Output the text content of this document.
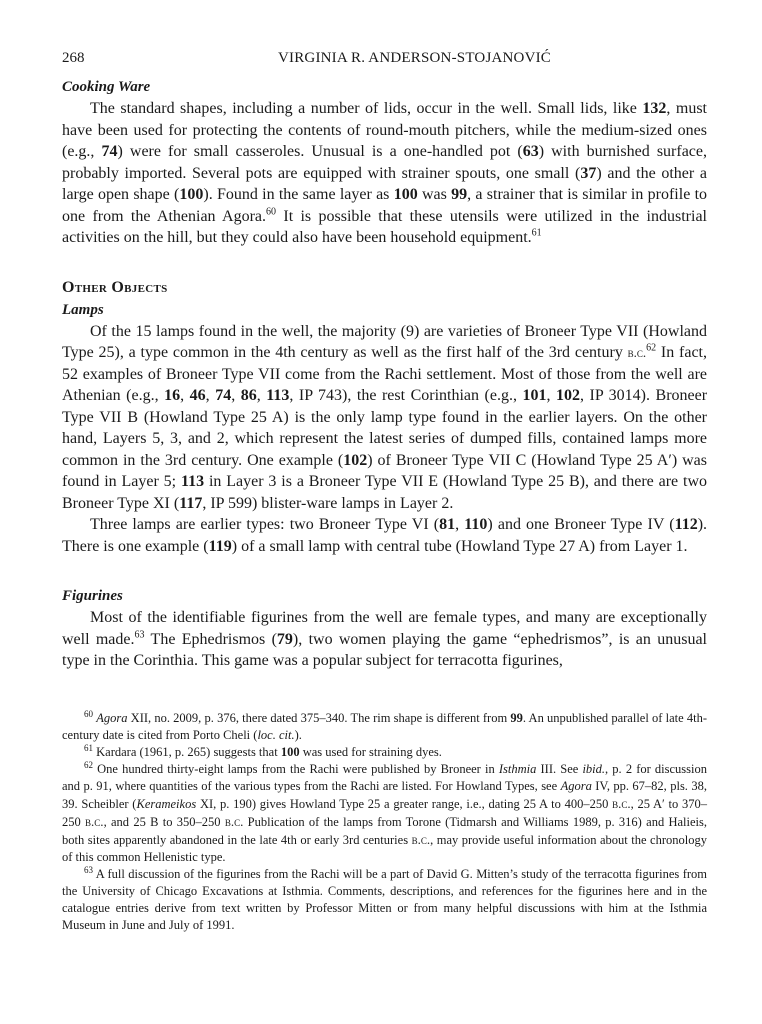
268	VIRGINIA R. ANDERSON-STOJANOVIĆ
Cooking Ware

The standard shapes, including a number of lids, occur in the well. Small lids, like 132, must have been used for protecting the contents of round-mouth pitchers, while the medium-sized ones (e.g., 74) were for small casseroles. Unusual is a one-handled pot (63) with burnished surface, probably imported. Several pots are equipped with strainer spouts, one small (37) and the other a large open shape (100). Found in the same layer as 100 was 99, a strainer that is similar in profile to one from the Athenian Agora.$^{60}$ It is possible that these utensils were utilized in the industrial activities on the hill, but they could also have been household equipment.$^{61}$

Other Objects
Lamps

Of the 15 lamps found in the well, the majority (9) are varieties of Broneer Type VII (Howland Type 25), a type common in the 4th century as well as the first half of the 3rd century b.c.$^{62}$ In fact, 52 examples of Broneer Type VII come from the Rachi settlement. Most of those from the well are Athenian (e.g., 16, 46, 74, 86, 113, IP 743), the rest Corinthian (e.g., 101, 102, IP 3014). Broneer Type VII B (Howland Type 25 A) is the only lamp type found in the earlier layers. On the other hand, Layers 5, 3, and 2, which represent the latest series of dumped fills, contained lamps more common in the 3rd century. One example (102) of Broneer Type VII C (Howland Type 25 A′) was found in Layer 5; 113 in Layer 3 is a Broneer Type VII E (Howland Type 25 B), and there are two Broneer Type XI (117, IP 599) blister-ware lamps in Layer 2.

Three lamps are earlier types: two Broneer Type VI (81, 110) and one Broneer Type IV (112). There is one example (119) of a small lamp with central tube (Howland Type 27 A) from Layer 1.

Figurines

Most of the identifiable figurines from the well are female types, and many are exceptionally well made.$^{63}$ The Ephedrismos (79), two women playing the game “ephedrismos”, is an unusual type in the Corinthia. This game was a popular subject for terracotta figurines,

$^{60}$ Agora XII, no. 2009, p. 376, there dated 375–340. The rim shape is different from 99. An unpublished parallel of late 4th-century date is cited from Porto Cheli (loc. cit.).

$^{61}$ Kardara (1961, p. 265) suggests that 100 was used for straining dyes.

$^{62}$ One hundred thirty-eight lamps from the Rachi were published by Broneer in Isthmia III. See ibid., p. 2 for discussion and p. 91, where quantities of the various types from the Rachi are listed. For Howland Types, see Agora IV, pp. 67–82, pls. 38, 39. Scheibler (Kerameikos XI, p. 190) gives Howland Type 25 a greater range, i.e., dating 25 A to 400–250 b.c., 25 A′ to 370–250 b.c., and 25 B to 350–250 b.c. Publication of the lamps from Torone (Tidmarsh and Williams 1989, p. 316) and Halieis, both sites apparently abandoned in the late 4th or early 3rd centuries b.c., may provide useful information about the chronology of this common Hellenistic type.

$^{63}$ A full discussion of the figurines from the Rachi will be a part of David G. Mitten’s study of the terracotta figurines from the University of Chicago Excavations at Isthmia. Comments, descriptions, and references for the figurines here and in the catalogue entries derive from text written by Professor Mitten or from many helpful discussions with him at the Isthmia Museum in June and July of 1991.
